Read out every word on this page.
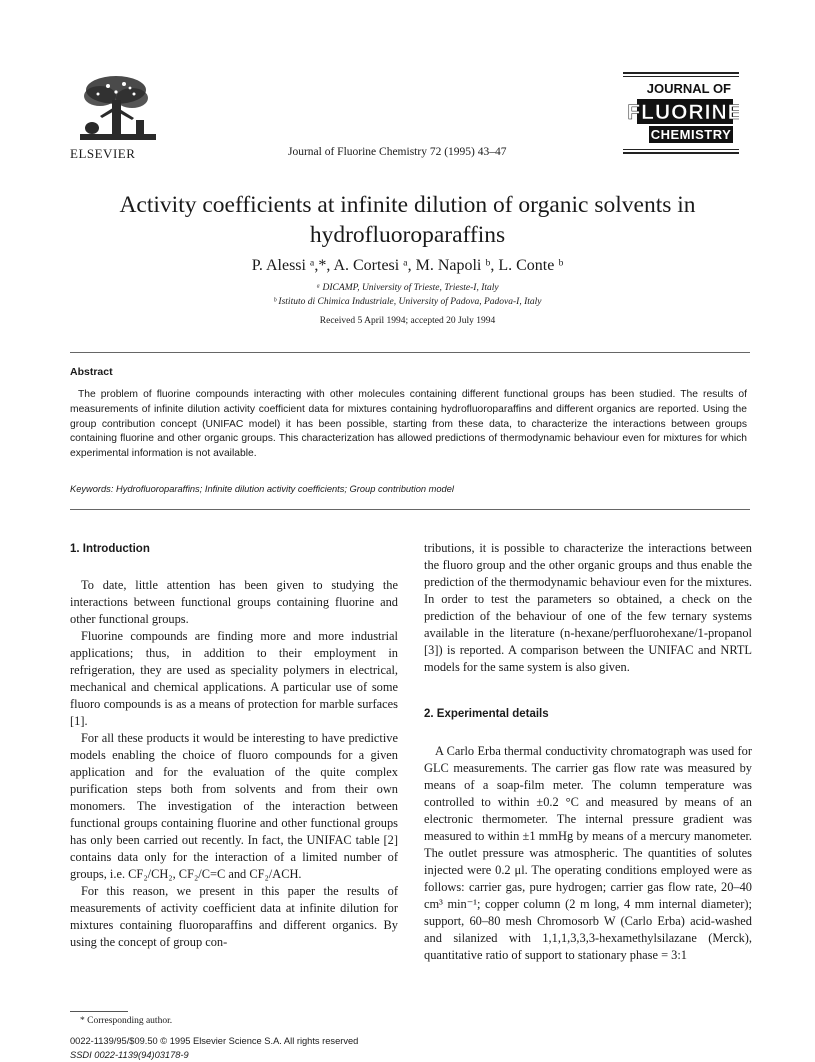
ELSEVIER	Journal of Fluorine Chemistry 72 (1995) 43–47
JOURNAL OF
FLUORINE
CHEMISTRY
Activity coefficients at infinite dilution of organic solvents in hydrofluoroparaffins
P. Alessi ᵃ,*, A. Cortesi ᵃ, M. Napoli ᵇ, L. Conte ᵇ
ᵃ DICAMP, University of Trieste, Trieste-I, Italy
ᵇ Istituto di Chimica Industriale, University of Padova, Padova-I, Italy
Received 5 April 1994; accepted 20 July 1994
Abstract
The problem of fluorine compounds interacting with other molecules containing different functional groups has been studied. The results of measurements of infinite dilution activity coefficient data for mixtures containing hydrofluoroparaffins and different organics are reported. Using the group contribution concept (UNIFAC model) it has been possible, starting from these data, to characterize the interactions between groups containing fluorine and other organic groups. This characterization has allowed predictions of thermodynamic behaviour even for mixtures for which experimental information is not available.
Keywords: Hydrofluoroparaffins; Infinite dilution activity coefficients; Group contribution model
1. Introduction

To date, little attention has been given to studying the interactions between functional groups containing fluorine and other functional groups.

Fluorine compounds are finding more and more industrial applications; thus, in addition to their employment in refrigeration, they are used as speciality polymers in electrical, mechanical and chemical applications. A particular use of some fluoro compounds is as a means of protection for marble surfaces [1].

For all these products it would be interesting to have predictive models enabling the choice of fluoro compounds for a given application and for the evaluation of the quite complex purification steps both from solvents and from their own monomers. The investigation of the interaction between functional groups containing fluorine and other functional groups has only been carried out recently. In fact, the UNIFAC table [2] contains data only for the interaction of a limited number of groups, i.e. CF₂/CH₂, CF₂/C=C and CF₂/ACH.

For this reason, we present in this paper the results of measurements of activity coefficient data at infinite dilution for mixtures containing fluoroparaffins and different organics. By using the concept of group con-

tributions, it is possible to characterize the interactions between the fluoro group and the other organic groups and thus enable the prediction of the thermodynamic behaviour even for the mixtures. In order to test the parameters so obtained, a check on the prediction of the behaviour of one of the few ternary systems available in the literature (n-hexane/perfluorohexane/1-propanol [3]) is reported. A comparison between the UNIFAC and NRTL models for the same system is also given.

2. Experimental details

A Carlo Erba thermal conductivity chromatograph was used for GLC measurements. The carrier gas flow rate was measured by means of a soap-film meter. The column temperature was controlled to within ±0.2 °C and measured by means of an electronic thermometer. The internal pressure gradient was measured to within ±1 mmHg by means of a mercury manometer. The outlet pressure was atmospheric. The quantities of solutes injected were 0.2 μl. The operating conditions employed were as follows: carrier gas, pure hydrogen; carrier gas flow rate, 20–40 cm³ min⁻¹; copper column (2 m long, 4 mm internal diameter); support, 60–80 mesh Chromosorb W (Carlo Erba) acid-washed and silanized with 1,1,1,3,3,3-hexamethylsilazane (Merck), quantitative ratio of support to stationary phase = 3:1

* Corresponding author.
0022-1139/95/$09.50 © 1995 Elsevier Science S.A. All rights reserved
SSDI 0022-1139(94)03178-9
